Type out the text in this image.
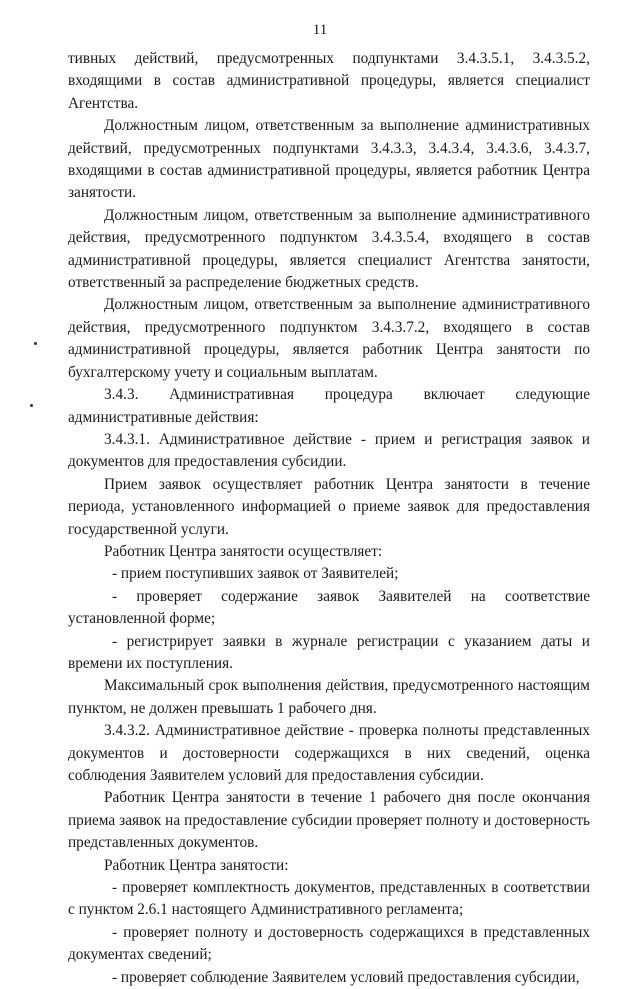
11

тивных действий, предусмотренных подпунктами 3.4.3.5.1, 3.4.3.5.2, входящими в состав административной процедуры, является специалист Агентства.

Должностным лицом, ответственным за выполнение административных действий, предусмотренных подпунктами 3.4.3.3, 3.4.3.4, 3.4.3.6, 3.4.3.7, входящими в состав административной процедуры, является работник Центра занятости.

Должностным лицом, ответственным за выполнение административного действия, предусмотренного подпунктом 3.4.3.5.4, входящего в состав административной процедуры, является специалист Агентства занятости, ответственный за распределение бюджетных средств.

Должностным лицом, ответственным за выполнение административного действия, предусмотренного подпунктом 3.4.3.7.2, входящего в состав административной процедуры, является работник Центра занятости по бухгалтерскому учету и социальным выплатам.

3.4.3. Административная процедура включает следующие административные действия:

3.4.3.1. Административное действие - прием и регистрация заявок и документов для предоставления субсидии.

Прием заявок осуществляет работник Центра занятости в течение периода, установленного информацией о приеме заявок для предоставления государственной услуги.

Работник Центра занятости осуществляет:

- прием поступивших заявок от Заявителей;

- проверяет содержание заявок Заявителей на соответствие установленной форме;

- регистрирует заявки в журнале регистрации с указанием даты и времени их поступления.

Максимальный срок выполнения действия, предусмотренного настоящим пунктом, не должен превышать 1 рабочего дня.

3.4.3.2. Административное действие - проверка полноты представленных документов и достоверности содержащихся в них сведений, оценка соблюдения Заявителем условий для предоставления субсидии.

Работник Центра занятости в течение 1 рабочего дня после окончания приема заявок на предоставление субсидии проверяет полноту и достоверность представленных документов.

Работник Центра занятости:

- проверяет комплектность документов, представленных в соответствии с пунктом 2.6.1 настоящего Административного регламента;

- проверяет полноту и достоверность содержащихся в представленных документах сведений;

- проверяет соблюдение Заявителем условий предоставления субсидии,
